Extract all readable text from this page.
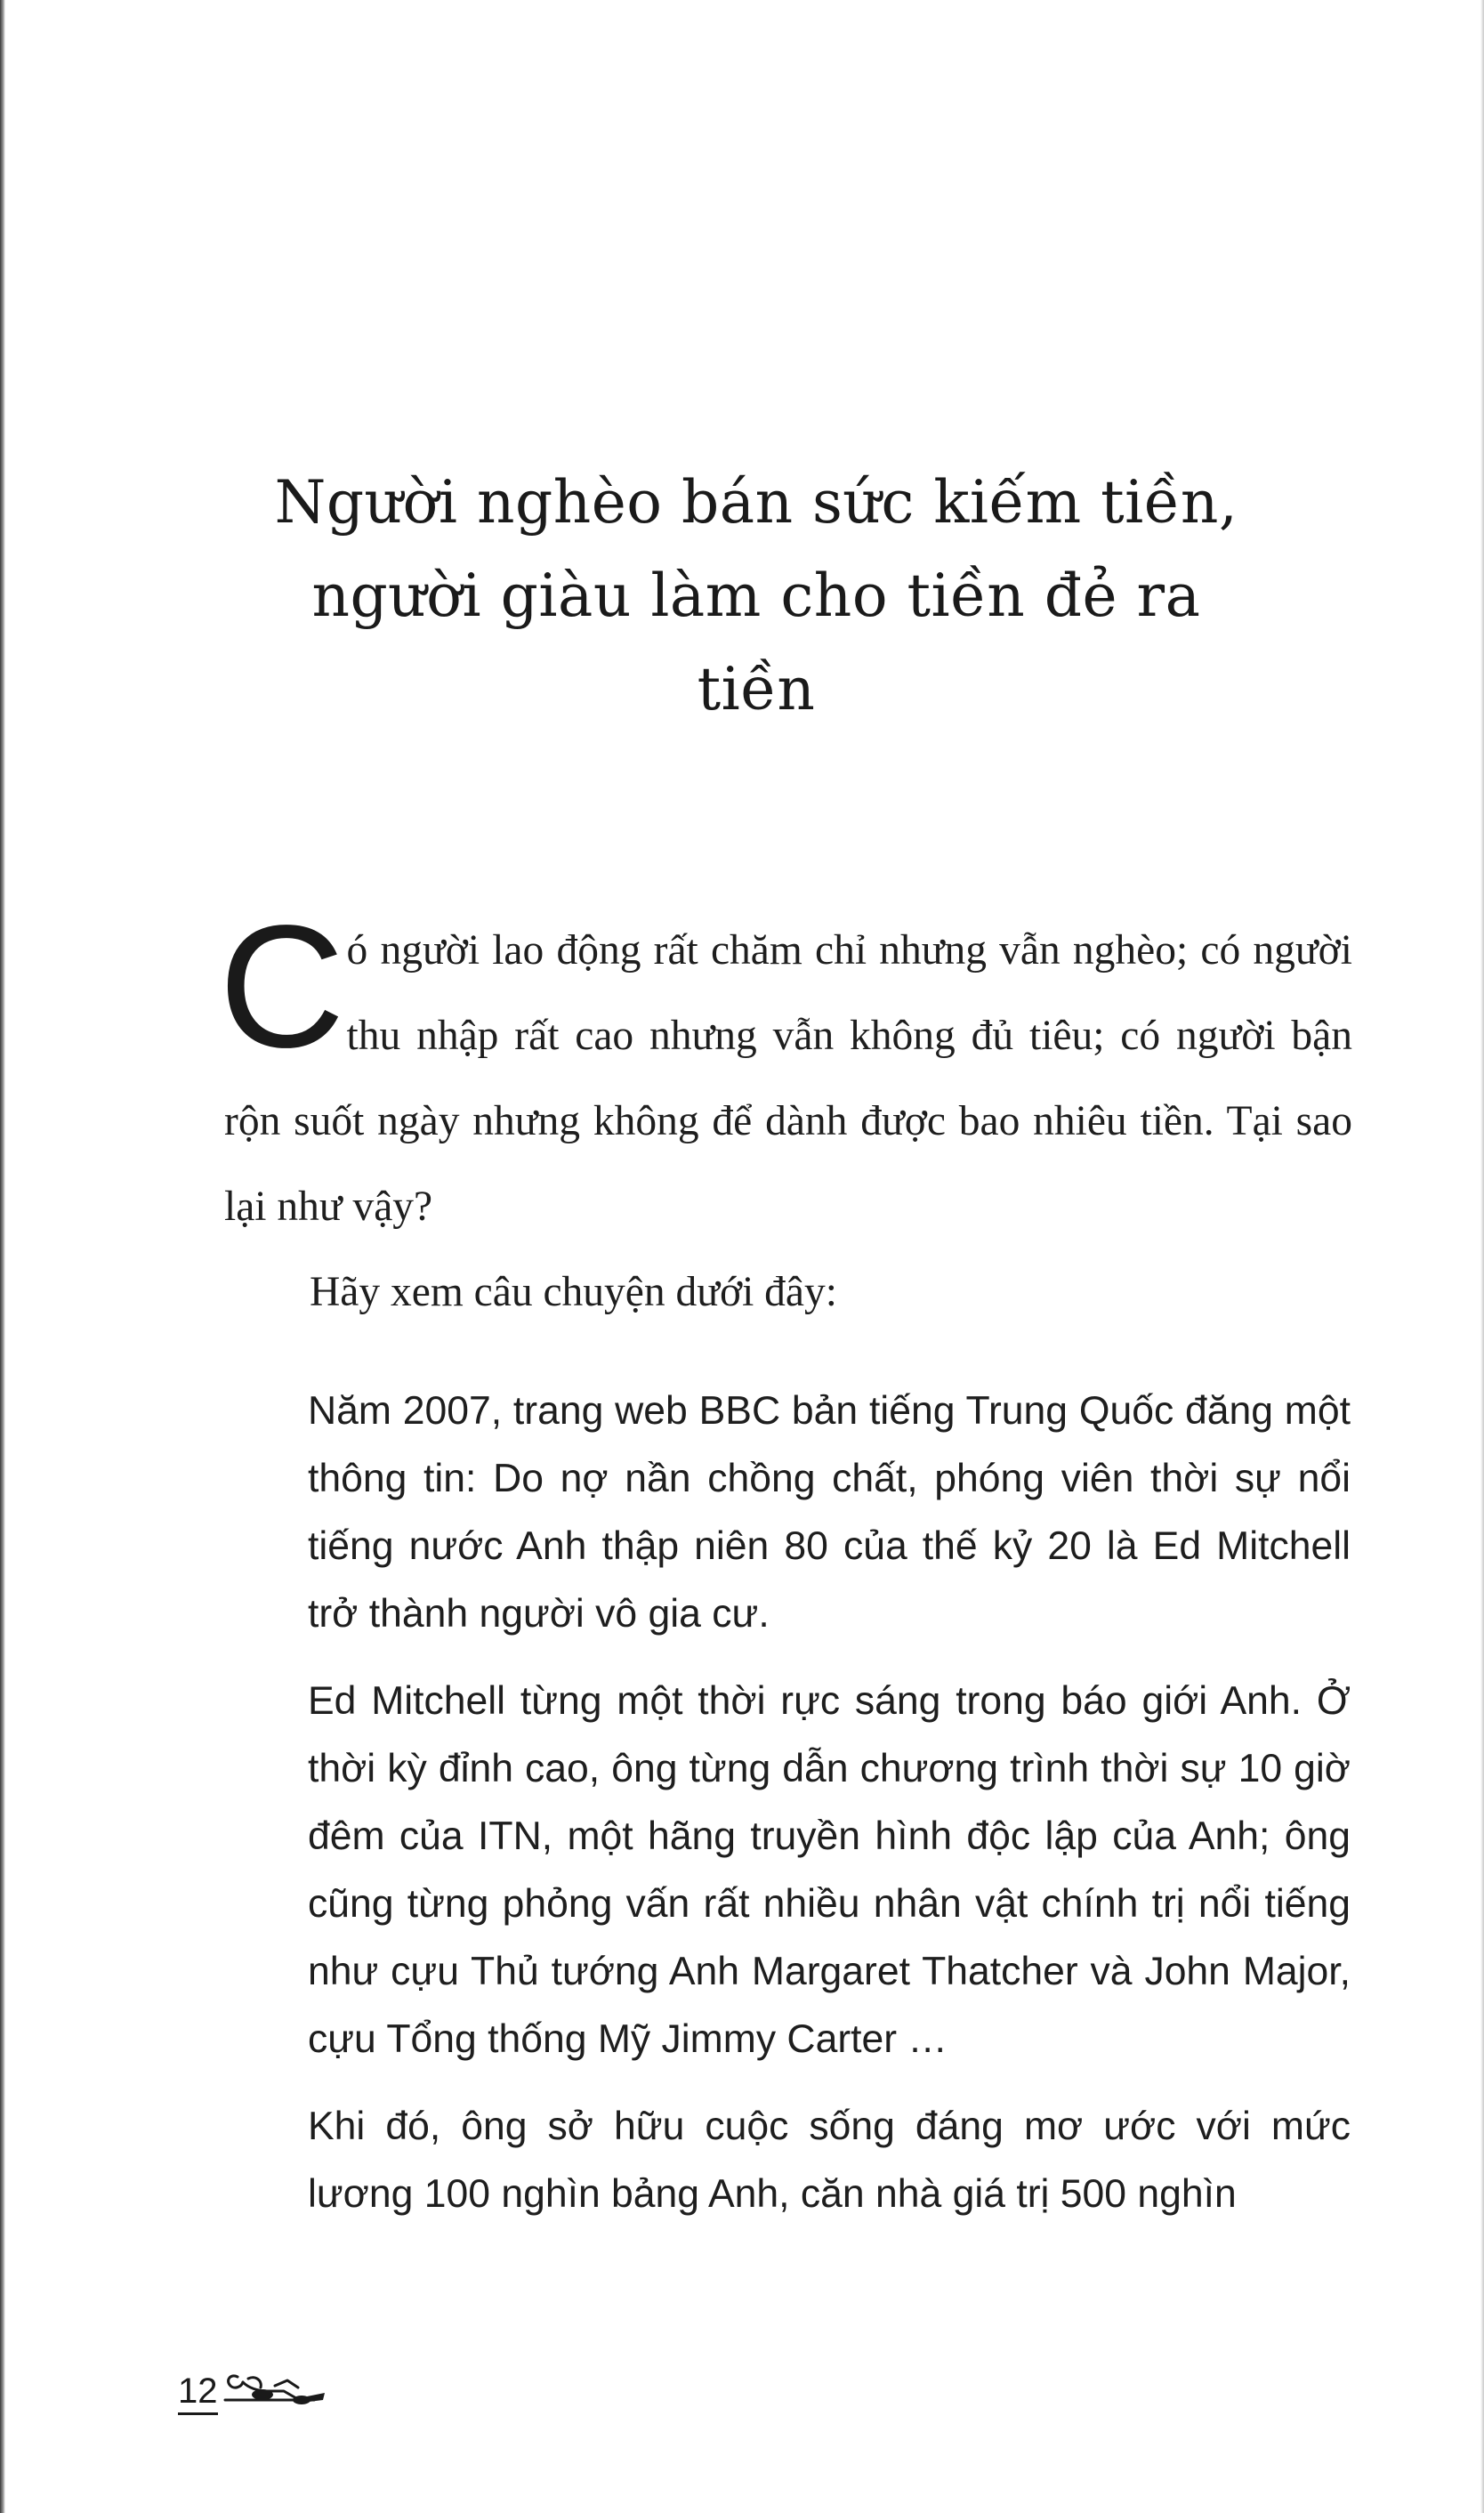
Người nghèo bán sức kiếm tiền, người giàu làm cho tiền đẻ ra tiền

Có người lao động rất chăm chỉ nhưng vẫn nghèo; có người thu nhập rất cao nhưng vẫn không đủ tiêu; có người bận rộn suốt ngày nhưng không để dành được bao nhiêu tiền. Tại sao lại như vậy?

Hãy xem câu chuyện dưới đây:

Năm 2007, trang web BBC bản tiếng Trung Quốc đăng một thông tin: Do nợ nần chồng chất, phóng viên thời sự nổi tiếng nước Anh thập niên 80 của thế kỷ 20 là Ed Mitchell trở thành người vô gia cư.

Ed Mitchell từng một thời rực sáng trong báo giới Anh. Ở thời kỳ đỉnh cao, ông từng dẫn chương trình thời sự 10 giờ đêm của ITN, một hãng truyền hình độc lập của Anh; ông cũng từng phỏng vấn rất nhiều nhân vật chính trị nổi tiếng như cựu Thủ tướng Anh Margaret Thatcher và John Major, cựu Tổng thống Mỹ Jimmy Carter …

Khi đó, ông sở hữu cuộc sống đáng mơ ước với mức lương 100 nghìn bảng Anh, căn nhà giá trị 500 nghìn

12
